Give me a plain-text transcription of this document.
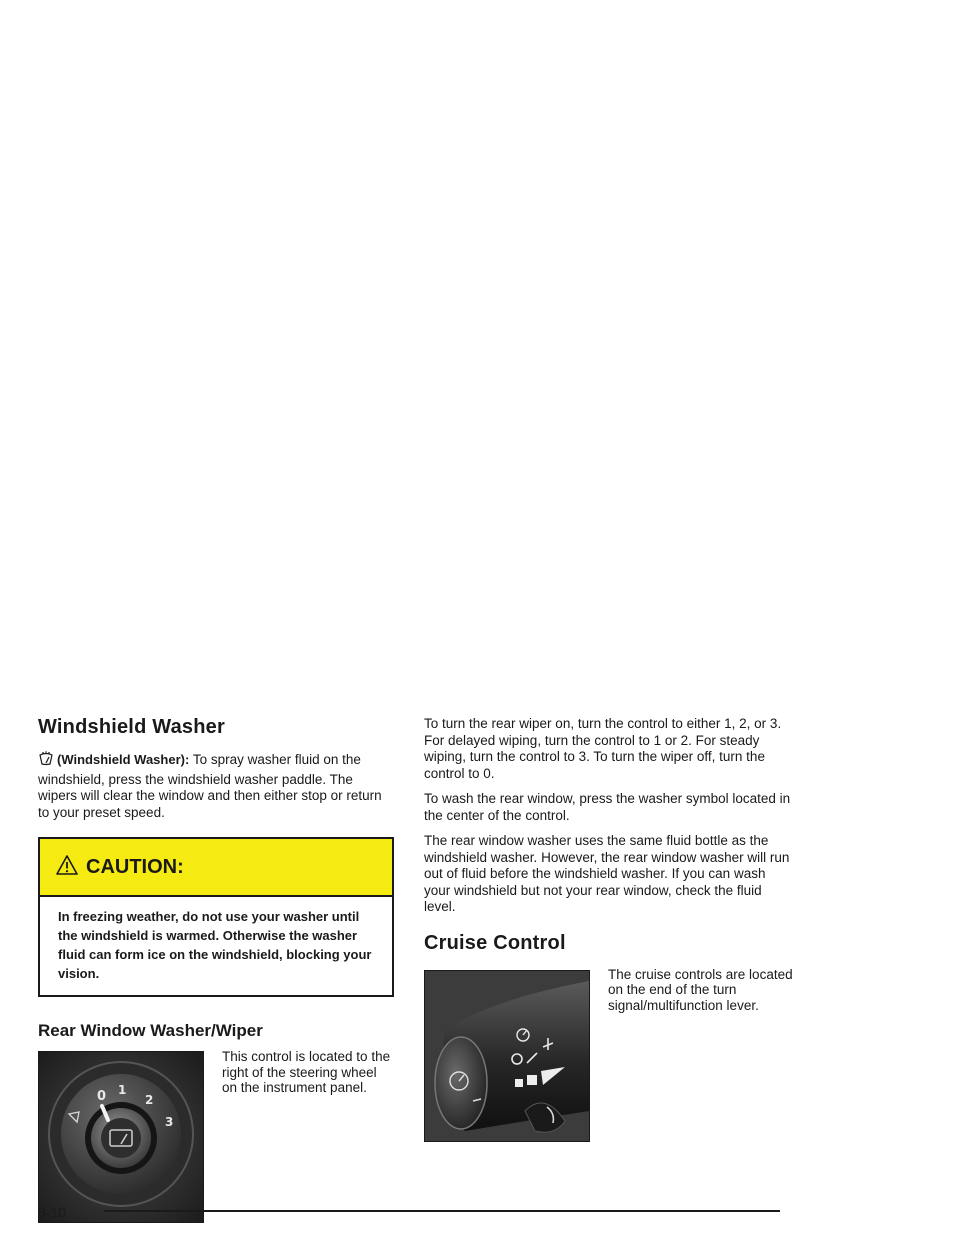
Windshield Washer

(Windshield Washer): To spray washer fluid on the windshield, press the windshield washer paddle. The wipers will clear the window and then either stop or return to your preset speed.

CAUTION:

In freezing weather, do not use your washer until the windshield is warmed. Otherwise the washer fluid can form ice on the windshield, blocking your vision.

Rear Window Washer/Wiper
0 1
2
3
This control is located to the right of the steering wheel on the instrument panel.

To turn the rear wiper on, turn the control to either 1, 2, or 3. For delayed wiping, turn the control to 1 or 2. For steady wiping, turn the control to 3. To turn the wiper off, turn the control to 0.

To wash the rear window, press the washer symbol located in the center of the control.

The rear window washer uses the same fluid bottle as the windshield washer. However, the rear window washer will run out of fluid before the windshield washer. If you can wash your windshield but not your rear window, check the fluid level.

Cruise Control
The cruise controls are located on the end of the turn signal/multifunction lever.
3-10
